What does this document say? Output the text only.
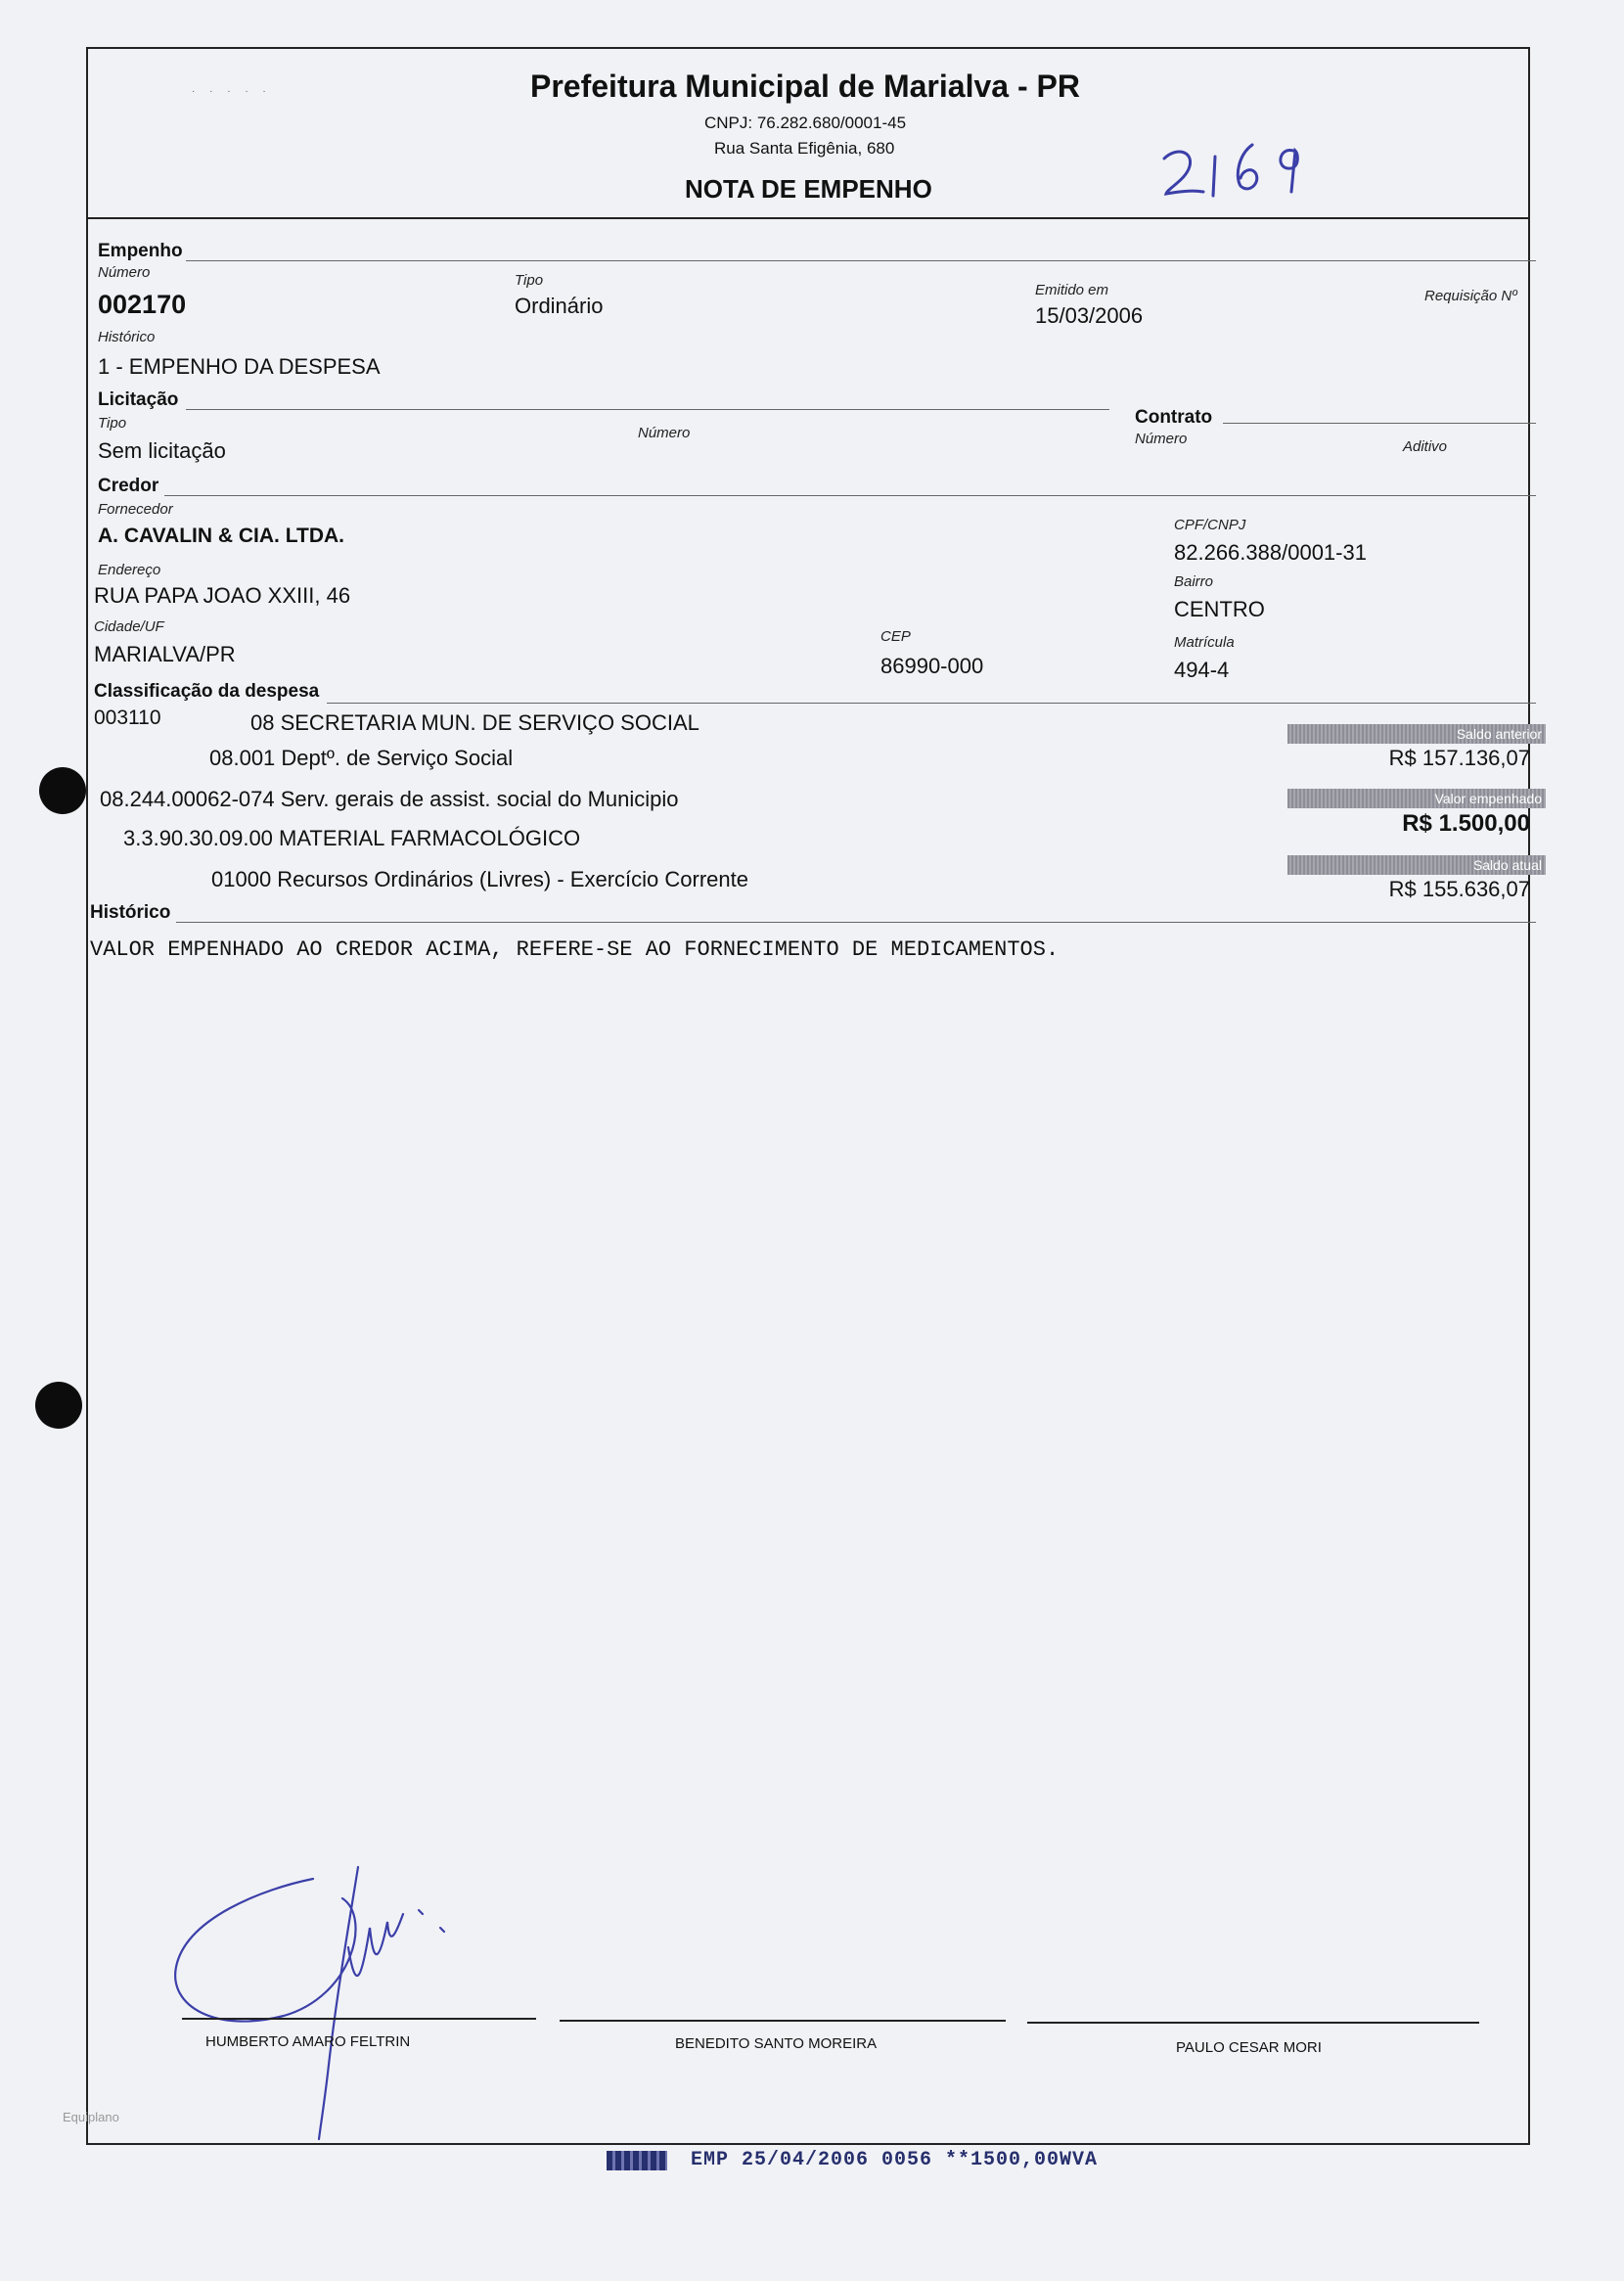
· · · · ·	Prefeitura Municipal de Marialva - PR
CNPJ: 76.282.680/0001-45
Rua Santa Efigênia, 680
NOTA DE EMPENHO
Empenho
Número
002170
Tipo
Ordinário
Emitido em
15/03/2006
Requisição Nº
Histórico
1 - EMPENHO DA DESPESA
Licitação
Tipo
Sem licitação
Número
Contrato
Número	Aditivo
Credor
Fornecedor
A. CAVALIN & CIA. LTDA.	CPF/CNPJ
82.266.388/0001-31
Endereço
RUA PAPA JOAO XXIII, 46
Bairro
CENTRO
Cidade/UF
MARIALVA/PR
CEP
86990-000
Matrícula
494-4
Classificação da despesa
003110	08 SECRETARIA MUN. DE SERVIÇO SOCIAL
08.001 Deptº. de Serviço Social
08.244.00062-074 Serv. gerais de assist. social do Municipio
3.3.90.30.09.00 MATERIAL FARMACOLÓGICO
01000 Recursos Ordinários (Livres) - Exercício Corrente
Saldo anterior
R$ 157.136,07
Valor empenhado
R$ 1.500,00
Saldo atual
R$ 155.636,07
Histórico
VALOR EMPENHADO AO CREDOR ACIMA, REFERE-SE AO FORNECIMENTO DE MEDICAMENTOS.
HUMBERTO AMARO FELTRIN	BENEDITO SANTO MOREIRA	PAULO CESAR MORI
Equiplano
EMP 25/04/2006 0056 **1500,00WVA
